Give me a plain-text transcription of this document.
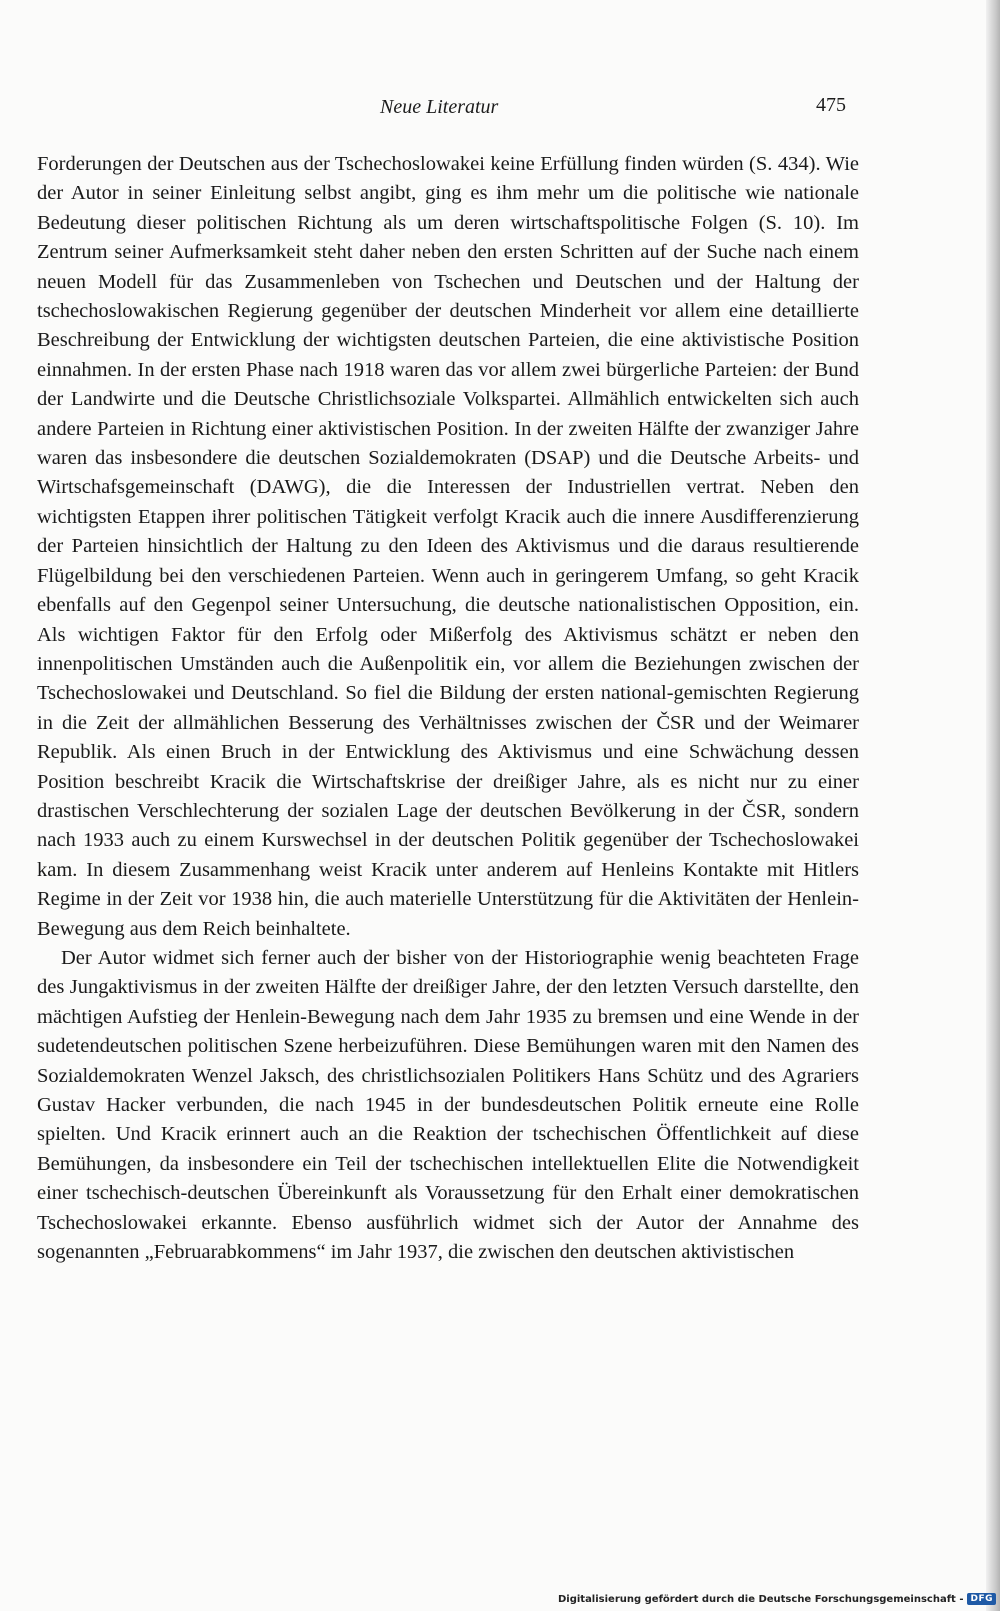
Neue Literatur	475

Forderungen der Deutschen aus der Tschechoslowakei keine Erfüllung finden würden (S. 434). Wie der Autor in seiner Einleitung selbst angibt, ging es ihm mehr um die politische wie nationale Bedeutung dieser politischen Richtung als um deren wirtschaftspolitische Folgen (S. 10). Im Zentrum seiner Aufmerksamkeit steht daher neben den ersten Schritten auf der Suche nach einem neuen Modell für das Zusammenleben von Tschechen und Deutschen und der Haltung der tschechoslowakischen Regierung gegenüber der deutschen Minderheit vor allem eine detaillierte Beschreibung der Entwicklung der wichtigsten deutschen Parteien, die eine aktivistische Position einnahmen. In der ersten Phase nach 1918 waren das vor allem zwei bürgerliche Parteien: der Bund der Landwirte und die Deutsche Christlichsoziale Volkspartei. Allmählich entwickelten sich auch andere Parteien in Richtung einer aktivistischen Position. In der zweiten Hälfte der zwanziger Jahre waren das insbesondere die deutschen Sozialdemokraten (DSAP) und die Deutsche Arbeits- und Wirtschafsgemeinschaft (DAWG), die die Interessen der Industriellen vertrat. Neben den wichtigsten Etappen ihrer politischen Tätigkeit verfolgt Kracik auch die innere Ausdifferenzierung der Parteien hinsichtlich der Haltung zu den Ideen des Aktivismus und die daraus resultierende Flügelbildung bei den verschiedenen Parteien. Wenn auch in geringerem Umfang, so geht Kracik ebenfalls auf den Gegenpol seiner Untersuchung, die deutsche nationalistischen Opposition, ein. Als wichtigen Faktor für den Erfolg oder Mißerfolg des Aktivismus schätzt er neben den innenpolitischen Umständen auch die Außenpolitik ein, vor allem die Beziehungen zwischen der Tschechoslowakei und Deutschland. So fiel die Bildung der ersten national-gemischten Regierung in die Zeit der allmählichen Besserung des Verhältnisses zwischen der ČSR und der Weimarer Republik. Als einen Bruch in der Entwicklung des Aktivismus und eine Schwächung dessen Position beschreibt Kracik die Wirtschaftskrise der dreißiger Jahre, als es nicht nur zu einer drastischen Verschlechterung der sozialen Lage der deutschen Bevölkerung in der ČSR, sondern nach 1933 auch zu einem Kurswechsel in der deutschen Politik gegenüber der Tschechoslowakei kam. In diesem Zusammenhang weist Kracik unter anderem auf Henleins Kontakte mit Hitlers Regime in der Zeit vor 1938 hin, die auch materielle Unterstützung für die Aktivitäten der Henlein-Bewegung aus dem Reich beinhaltete.

Der Autor widmet sich ferner auch der bisher von der Historiographie wenig beachteten Frage des Jungaktivismus in der zweiten Hälfte der dreißiger Jahre, der den letzten Versuch darstellte, den mächtigen Aufstieg der Henlein-Bewegung nach dem Jahr 1935 zu bremsen und eine Wende in der sudetendeutschen politischen Szene herbeizuführen. Diese Bemühungen waren mit den Namen des Sozialdemokraten Wenzel Jaksch, des christlichsozialen Politikers Hans Schütz und des Agrariers Gustav Hacker verbunden, die nach 1945 in der bundesdeutschen Politik erneute eine Rolle spielten. Und Kracik erinnert auch an die Reaktion der tschechischen Öffentlichkeit auf diese Bemühungen, da insbesondere ein Teil der tschechischen intellektuellen Elite die Notwendigkeit einer tschechisch-deutschen Übereinkunft als Voraussetzung für den Erhalt einer demokratischen Tschechoslowakei erkannte. Ebenso ausführlich widmet sich der Autor der Annahme des sogenannten „Februarabkommens“ im Jahr 1937, die zwischen den deutschen aktivistischen

Digitalisierung gefördert durch die Deutsche Forschungsgemeinschaft - DFG
